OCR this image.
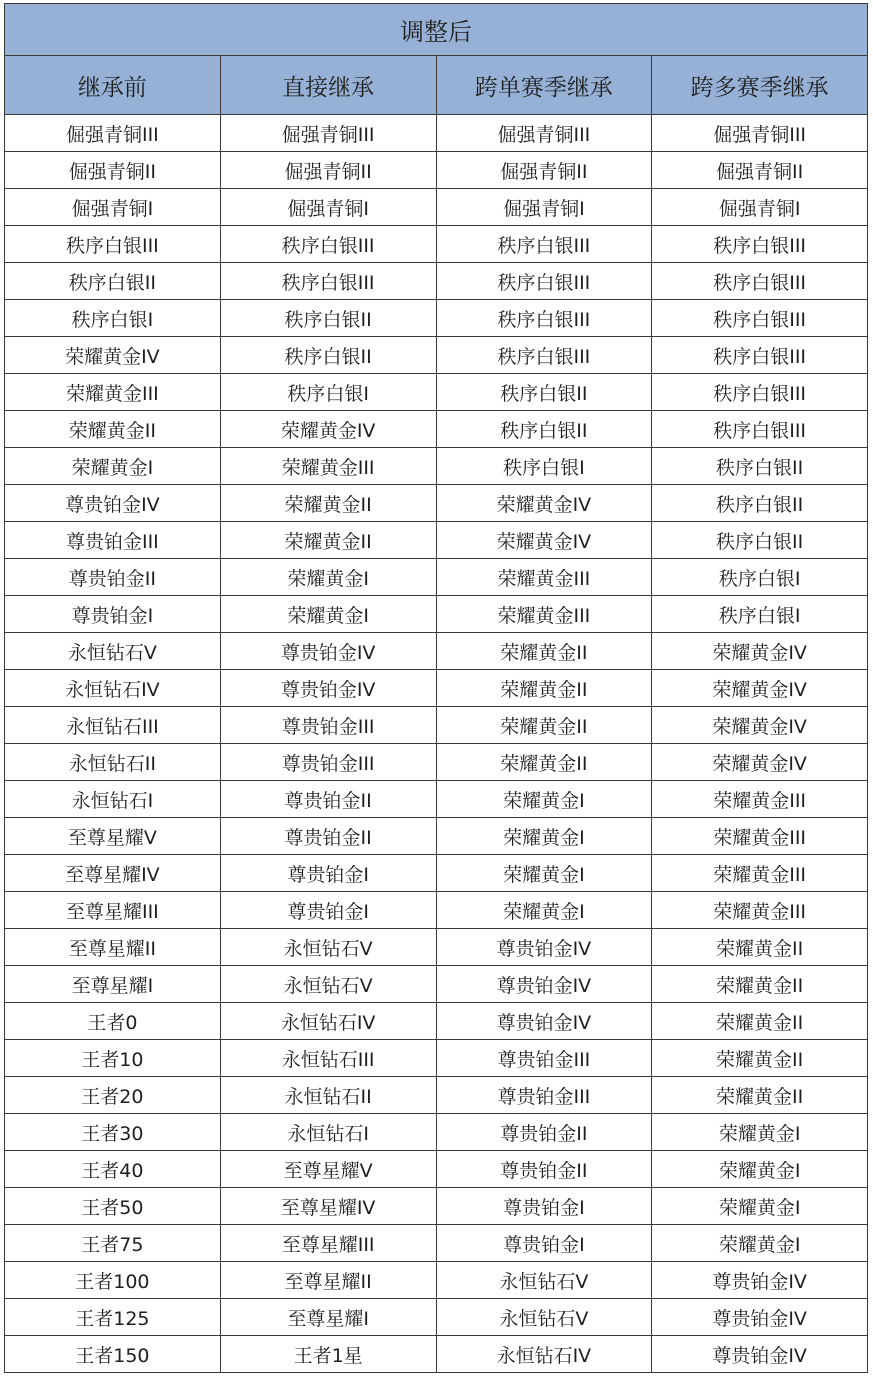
调整后			
继承前	直接继承	跨单赛季继承	跨多赛季继承
倔强青铜III	倔强青铜III	倔强青铜III	倔强青铜III
倔强青铜II	倔强青铜II	倔强青铜II	倔强青铜II
倔强青铜I	倔强青铜I	倔强青铜I	倔强青铜I
秩序白银III	秩序白银III	秩序白银III	秩序白银III
秩序白银II	秩序白银III	秩序白银III	秩序白银III
秩序白银I	秩序白银II	秩序白银III	秩序白银III
荣耀黄金IV	秩序白银II	秩序白银III	秩序白银III
荣耀黄金III	秩序白银I	秩序白银II	秩序白银III
荣耀黄金II	荣耀黄金IV	秩序白银II	秩序白银III
荣耀黄金I	荣耀黄金III	秩序白银I	秩序白银II
尊贵铂金IV	荣耀黄金II	荣耀黄金IV	秩序白银II
尊贵铂金III	荣耀黄金II	荣耀黄金IV	秩序白银II
尊贵铂金II	荣耀黄金I	荣耀黄金III	秩序白银I
尊贵铂金I	荣耀黄金I	荣耀黄金III	秩序白银I
永恒钻石V	尊贵铂金IV	荣耀黄金II	荣耀黄金IV
永恒钻石IV	尊贵铂金IV	荣耀黄金II	荣耀黄金IV
永恒钻石III	尊贵铂金III	荣耀黄金II	荣耀黄金IV
永恒钻石II	尊贵铂金III	荣耀黄金II	荣耀黄金IV
永恒钻石I	尊贵铂金II	荣耀黄金I	荣耀黄金III
至尊星耀V	尊贵铂金II	荣耀黄金I	荣耀黄金III
至尊星耀IV	尊贵铂金I	荣耀黄金I	荣耀黄金III
至尊星耀III	尊贵铂金I	荣耀黄金I	荣耀黄金III
至尊星耀II	永恒钻石V	尊贵铂金IV	荣耀黄金II
至尊星耀I	永恒钻石V	尊贵铂金IV	荣耀黄金II
王者0	永恒钻石IV	尊贵铂金IV	荣耀黄金II
王者10	永恒钻石III	尊贵铂金III	荣耀黄金II
王者20	永恒钻石II	尊贵铂金III	荣耀黄金II
王者30	永恒钻石I	尊贵铂金II	荣耀黄金I
王者40	至尊星耀V	尊贵铂金II	荣耀黄金I
王者50	至尊星耀IV	尊贵铂金I	荣耀黄金I
王者75	至尊星耀III	尊贵铂金I	荣耀黄金I
王者100	至尊星耀II	永恒钻石V	尊贵铂金IV
王者125	至尊星耀I	永恒钻石V	尊贵铂金IV
王者150	王者1星	永恒钻石IV	尊贵铂金IV
